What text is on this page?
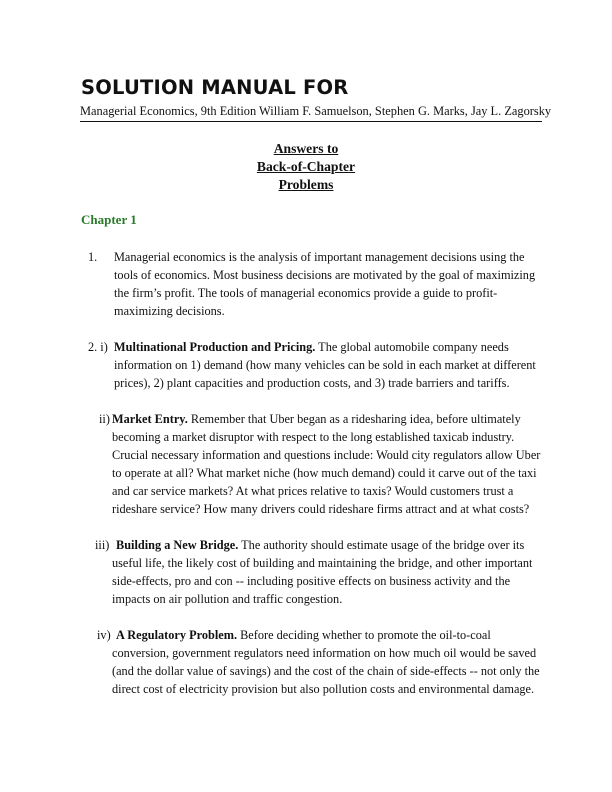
SOLUTION MANUAL FOR
Managerial Economics, 9th Edition William F. Samuelson, Stephen G. Marks, Jay L. Zagorsky
Answers to
Back-of-Chapter
Problems
Chapter 1
1. Managerial economics is the analysis of important management decisions using the
tools of economics. Most business decisions are motivated by the goal of maximizing
the firm’s profit. The tools of managerial economics provide a guide to profit-
maximizing decisions.
2. i) Multinational Production and Pricing. The global automobile company needs
information on 1) demand (how many vehicles can be sold in each market at different
prices), 2) plant capacities and production costs, and 3) trade barriers and tariffs.
ii) Market Entry. Remember that Uber began as a ridesharing idea, before ultimately
becoming a market disruptor with respect to the long established taxicab industry.
Crucial necessary information and questions include: Would city regulators allow Uber
to operate at all? What market niche (how much demand) could it carve out of the taxi
and car service markets? At what prices relative to taxis? Would customers trust a
rideshare service? How many drivers could rideshare firms attract and at what costs?
iii) Building a New Bridge. The authority should estimate usage of the bridge over its
useful life, the likely cost of building and maintaining the bridge, and other important
side-effects, pro and con -- including positive effects on business activity and the
impacts on air pollution and traffic congestion.
iv) A Regulatory Problem. Before deciding whether to promote the oil-to-coal
conversion, government regulators need information on how much oil would be saved
(and the dollar value of savings) and the cost of the chain of side-effects -- not only the
direct cost of electricity provision but also pollution costs and environmental damage.
